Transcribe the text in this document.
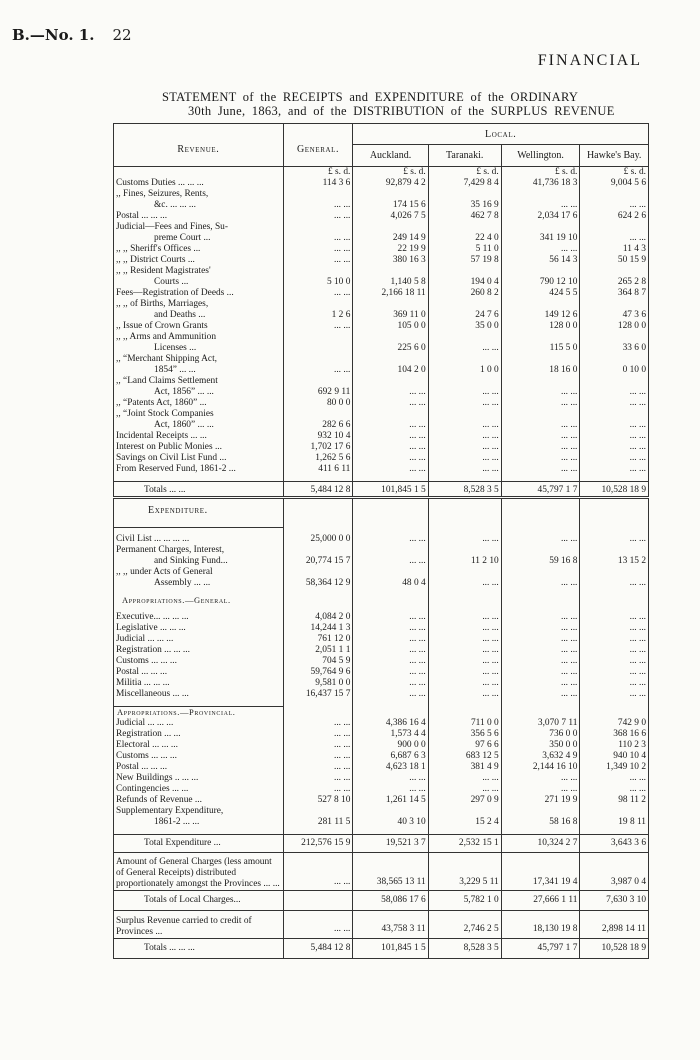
B.—No. 1. 22
FINANCIAL
STATEMENT of the RECEIPTS and EXPENDITURE of the ORDINARY
30th June, 1863, and of the DISTRIBUTION of the SURPLUS REVENUE
Revenue.	General.	Local.			
		Auckland.	Taranaki.	Wellington.	Hawke's Bay.
	£ s. d.	£ s. d.	£ s. d.	£ s. d.	£ s. d.
Customs Duties ... ... ...	114 3 6	92,879 4 2	7,429 8 4	41,736 18 3	9,004 5 6
,, Fines, Seizures, Rents,					
&c. ... ... ...	... ...	174 15 6	35 16 9	... ...	... ...
Postal ... ... ...	... ...	4,026 7 5	462 7 8	2,034 17 6	624 2 6
Judicial—Fees and Fines, Su-					
preme Court ...	... ...	249 14 9	22 4 0	341 19 10	... ...
,, ,, Sheriff's Offices ...	... ...	22 19 9	5 11 0	... ...	11 4 3
,, ,, District Courts ...	... ...	380 16 3	57 19 8	56 14 3	50 15 9
,, ,, Resident Magistrates'					
Courts ...	5 10 0	1,140 5 8	194 0 4	790 12 10	265 2 8
Fees—Registration of Deeds ...	... ...	2,166 18 11	260 8 2	424 5 5	364 8 7
,, ,, of Births, Marriages,					
and Deaths ...	1 2 6	369 11 0	24 7 6	149 12 6	47 3 6
,, Issue of Crown Grants	... ...	105 0 0	35 0 0	128 0 0	128 0 0
,, ,, Arms and Ammunition					
Licenses ...		225 6 0	... ...	115 5 0	33 6 0
,, “Merchant Shipping Act,					
1854” ... ...	... ...	104 2 0	1 0 0	18 16 0	0 10 0
,, “Land Claims Settlement					
Act, 1856” ... ...	692 9 11	... ...	... ...	... ...	... ...
,, “Patents Act, 1860” ...	80 0 0	... ...	... ...	... ...	... ...
,, “Joint Stock Companies					
Act, 1860” ... ...	282 6 6	... ...	... ...	... ...	... ...
Incidental Receipts ... ...	932 10 4	... ...	... ...	... ...	... ...
Interest on Public Monies ...	1,702 17 6	... ...	... ...	... ...	... ...
Savings on Civil List Fund ...	1,262 5 6	... ...	... ...	... ...	... ...
From Reserved Fund, 1861-2 ...	411 6 11	... ...	... ...	... ...	... ...

Totals ... ...	5,484 12 8	101,845 1 5	8,528 3 5	45,797 1 7	10,528 18 9

Expenditure.					

Civil List ... ... ... ...	25,000 0 0	... ...	... ...	... ...	... ...
Permanent Charges, Interest,					
and Sinking Fund...	20,774 15 7	... ...	11 2 10	59 16 8	13 15 2
,, ,, under Acts of General					
Assembly ... ...	58,364 12 9	48 0 4	... ...	... ...	... ...

Appropriations.—General.					

Executive... ... ... ...	4,084 2 0	... ...	... ...	... ...	... ...
Legislative ... ... ...	14,244 1 3	... ...	... ...	... ...	... ...
Judicial ... ... ...	761 12 0	... ...	... ...	... ...	... ...
Registration ... ... ...	2,051 1 1	... ...	... ...	... ...	... ...
Customs ... ... ...	704 5 9	... ...	... ...	... ...	... ...
Postal ... ... ...	59,764 9 6	... ...	... ...	... ...	... ...
Militia ... ... ...	9,581 0 0	... ...	... ...	... ...	... ...
Miscellaneous ... ...	16,437 15 7	... ...	... ...	... ...	... ...

Appropriations.—Provincial.					
Judicial ... ... ...	... ...	4,386 16 4	711 0 0	3,070 7 11	742 9 0
Registration ... ...	... ...	1,573 4 4	356 5 6	736 0 0	368 16 6
Electoral ... ... ...	... ...	900 0 0	97 6 6	350 0 0	110 2 3
Customs ... ... ...	... ...	6,687 6 3	683 12 5	3,632 4 9	940 10 4
Postal ... ... ...	... ...	4,623 18 1	381 4 9	2,144 16 10	1,349 10 2
New Buildings .. ... ...	... ...	... ...	... ...	... ...	... ...
Contingencies ... ...	... ...	... ...	... ...	... ...	... ...
Refunds of Revenue ...	527 8 10	1,261 14 5	297 0 9	271 19 9	98 11 2
Supplementary Expenditure,					
1861-2 ... ...	281 11 5	40 3 10	15 2 4	58 16 8	19 8 11

Total Expenditure ...	212,576 15 9	19,521 3 7	2,532 15 1	10,324 2 7	3,643 3 6
Amount of General Charges (less amount of General Receipts) distributed proportionately amongst the Provinces ... ...	... ...	38,565 13 11	3,229 5 11	17,341 19 4	3,987 0 4
Totals of Local Charges...		58,086 17 6	5,782 1 0	27,666 1 11	7,630 3 10
Surplus Revenue carried to credit of Provinces ...	... ...	43,758 3 11	2,746 2 5	18,130 19 8	2,898 14 11
Totals ... ... ...	5,484 12 8	101,845 1 5	8,528 3 5	45,797 1 7	10,528 18 9
